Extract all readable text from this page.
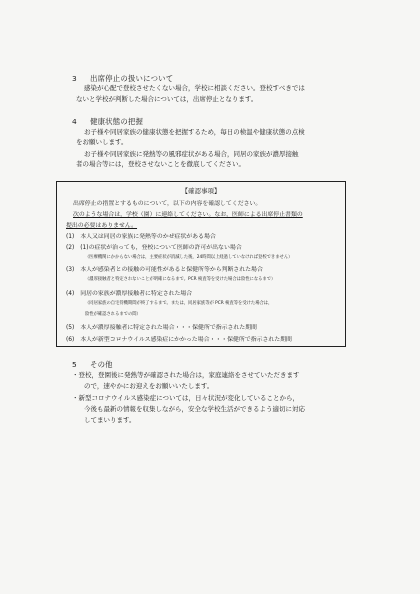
3 出席停止の扱いについて
感染が心配で登校させたくない場合，学校に相談ください。登校すべきでは
ないと学校が判断した場合については，出席停止となります。
4 健康状態の把握
お子様や同居家族の健康状態を把握するため，毎日の検温や健康状態の点検
をお願いします。
お子様や同居家族に発熱等の風邪症状がある場合，同居の家族が濃厚接触
者の場合等には，登校させないことを徹底してください。
【確認事項】
出席停止の措置とするものについて，以下の内容を確認してください。
次のような場合は，学校（園）に連絡してください。なお，医師による出席停止書類の
提出の必要はありません。
(1)　本人又は同居の家族に発熱等のかぜ症状がある場合
(2)　(1)の症状が治っても，登校について医師の許可が出ない場合
（医療機関にかからない場合は，主要症状が消滅した後，24時間以上経過していなければ登校できません）
(3)　本人が感染者との接触の可能性があると保健所等から判断された場合
（濃厚接触者と特定されないことが明確になるまで。PCR 検査等を受けた場合は陰性になるまで）
(4)　同居の家族が濃厚接触者に特定された場合
（同居家族の自宅待機期間が終了するまで。または，同居家族等が PCR 検査等を受けた場合は，
陰性が確認されるまでの間）
(5)　本人が濃厚接触者に特定された場合・・・保健所で指示された期間
(6)　本人が新型コロナウイルス感染症にかかった場合・・・保健所で指示された期間
5 その他
・登校，登園後に発熱等が確認された場合は，家庭連絡をさせていただきます
ので，速やかにお迎えをお願いいたします。
・新型コロナウイルス感染症については，日々状況が変化していることから，
今後も最新の情報を収集しながら，安全な学校生活ができるよう適切に対応
してまいります。
